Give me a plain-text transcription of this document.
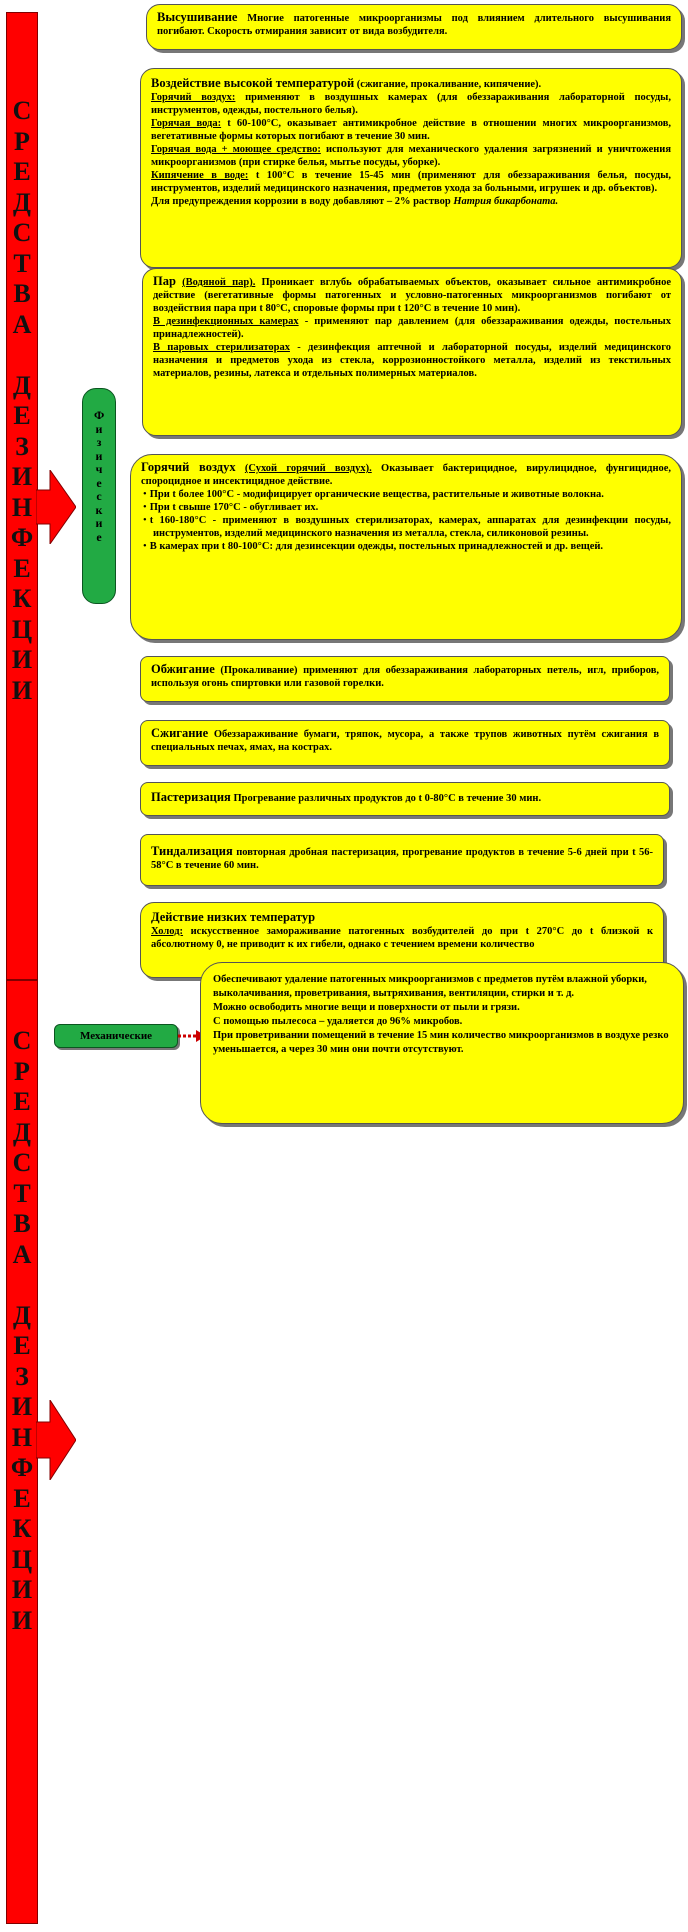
С
Р
Е
Д
С
Т
В
А

Д
Е
З
И
Н
Ф
Е
К
Ц
И
И
С
Р
Е
Д
С
Т
В
А

Д
Е
З
И
Н
Ф
Е
К
Ц
И
И
Физические
Механические

Высушивание Многие патогенные микроорганизмы под влиянием длительного высушивания погибают. Скорость отмирания зависит от вида возбудителя.

Воздействие высокой температурой (сжигание, прокаливание, кипячение).

Горячий воздух: применяют в воздушных камерах (для обеззараживания лабораторной посуды, инструментов, одежды, постельного белья).

Горячая вода: t 60-100°С, оказывает антимикробное действие в отношении многих микроорганизмов, вегетативные формы которых погибают в течение 30 мин.

Горячая вода + моющее средство: используют для механического удаления загрязнений и уничтожения микроорганизмов (при стирке белья, мытье посуды, уборке).

Кипячение в воде: t 100°С в течение 15-45 мин (применяют для обеззараживания белья, посуды, инструментов, изделий медицинского назначения, предметов ухода за больными, игрушек и др. объектов).

Для предупреждения коррозии в воду добавляют – 2% раствор Натрия бикарбоната.

Пар (Водяной пар). Проникает вглубь обрабатываемых объектов, оказывает сильное антимикробное действие (вегетативные формы патогенных и условно-патогенных микроорганизмов погибают от воздействия пара при t 80°С, споровые формы при t 120°С в течение 10 мин).

В дезинфекционных камерах - применяют пар давлением (для обеззараживания одежды, постельных принадлежностей).

В паровых стерилизаторах - дезинфекция аптечной и лабораторной посуды, изделий медицинского назначения и предметов ухода из стекла, коррозионностойкого металла, изделий из текстильных материалов, резины, латекса и отдельных полимерных материалов.

Горячий воздух (Сухой горячий воздух). Оказывает бактерицидное, вирулицидное, фунгицидное, спороцидное и инсектицидное действие.

• При t более 100°С - модифицирует органические вещества, растительные и животные волокна.
• При t свыше 170°С - обугливает их.
• t 160-180°С - применяют в воздушных стерилизаторах, камерах, аппаратах для дезинфекции посуды, инструментов, изделий медицинского назначения из металла, стекла, силиконовой резины.
• В камерах при t 80-100°С: для дезинсекции одежды, постельных принадлежностей и др. вещей.

Обжигание (Прокаливание) применяют для обеззараживания лабораторных петель, игл, приборов, используя огонь спиртовки или газовой горелки.

Сжигание Обеззараживание бумаги, тряпок, мусора, а также трупов животных путём сжигания в специальных печах, ямах, на кострах.

Пастеризация Прогревание различных продуктов до t 0-80°С в течение 30 мин.

Тиндализация повторная дробная пастеризация, прогревание продуктов в течение 5-6 дней при t 56-58°С в течение 60 мин.

Действие низких температур

Холод: искусственное замораживание патогенных возбудителей до при t 270°С до t близкой к абсолютному 0, не приводит к их гибели, однако с течением времени количество

Обеспечивают удаление патогенных микроорганизмов с предметов путём влажной уборки, выколачивания, проветривания, вытряхивания, вентиляции, стирки и т. д.

Можно освободить многие вещи и поверхности от пыли и грязи.

С помощью пылесоса – удаляется до 96% микробов.

При проветривании помещений в течение 15 мин количество микроорганизмов в воздухе резко уменьшается, а через 30 мин они почти отсутствуют.
